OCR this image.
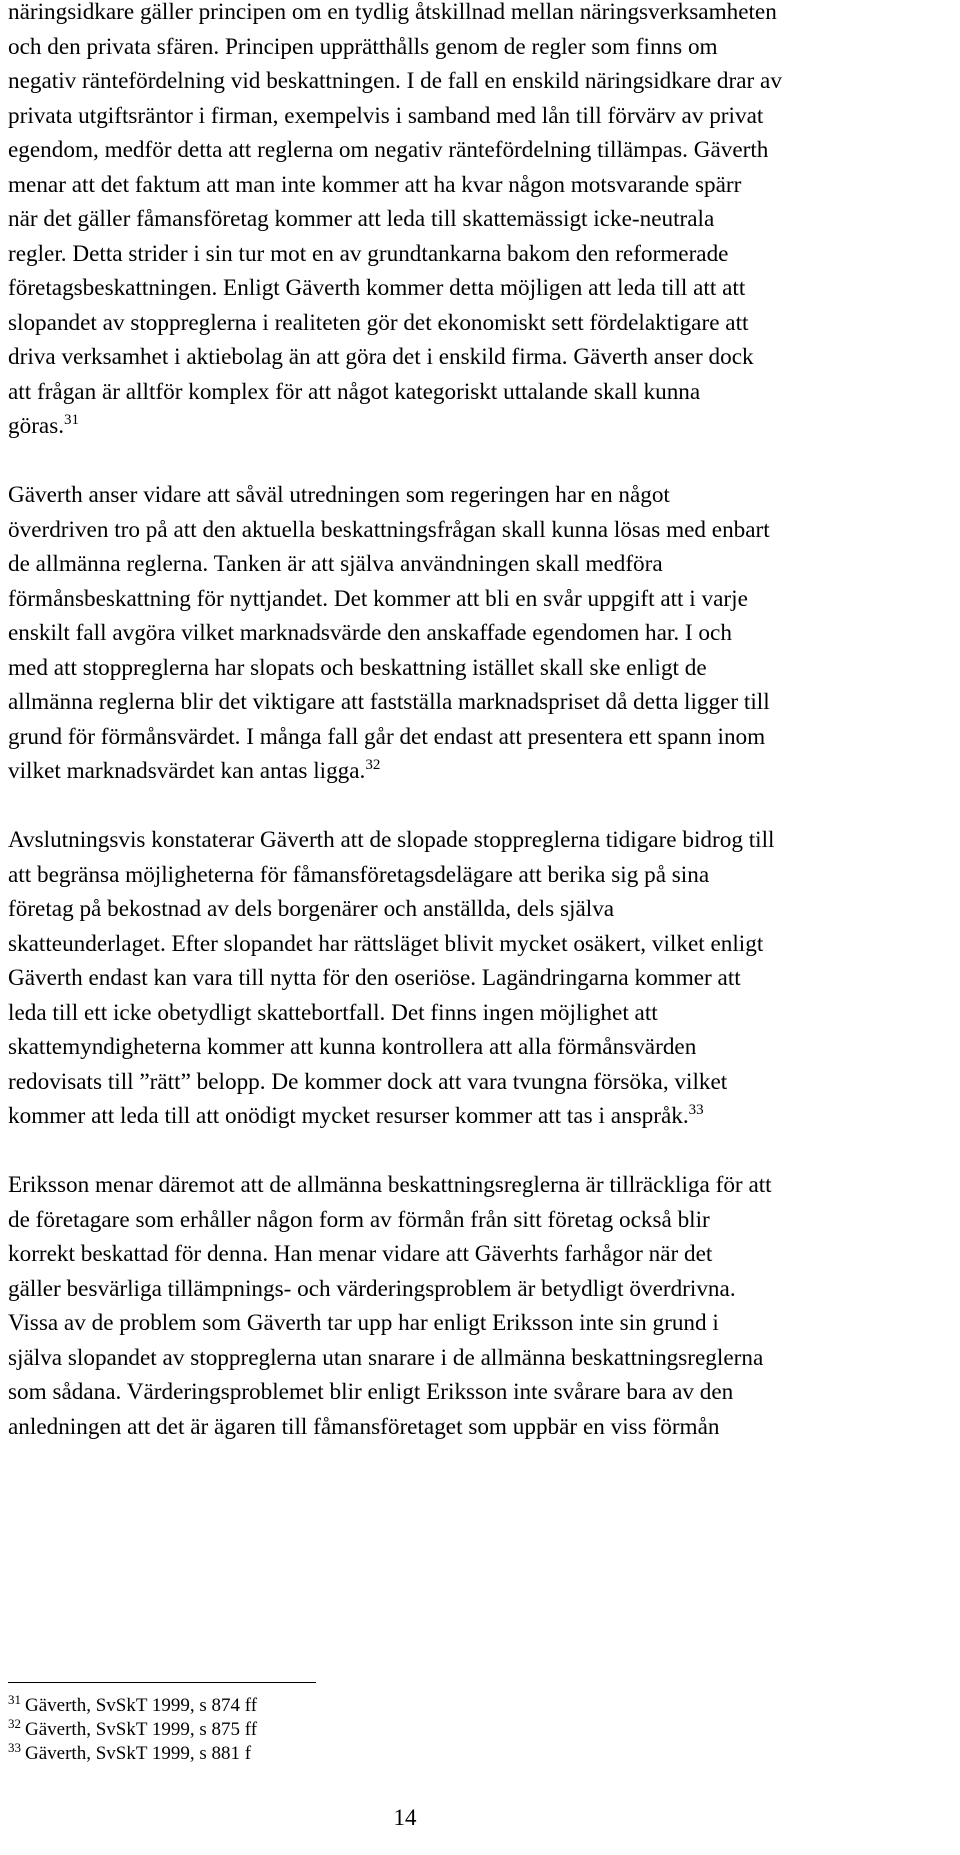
näringsidkare gäller principen om en tydlig åtskillnad mellan näringsverksamheten
och den privata sfären. Principen upprätthålls genom de regler som finns om
negativ räntefördelning vid beskattningen. I de fall en enskild näringsidkare drar av
privata utgiftsräntor i firman, exempelvis i samband med lån till förvärv av privat
egendom, medför detta att reglerna om negativ räntefördelning tillämpas. Gäverth
menar att det faktum att man inte kommer att ha kvar någon motsvarande spärr
när det gäller fåmansföretag kommer att leda till skattemässigt icke-neutrala
regler. Detta strider i sin tur mot en av grundtankarna bakom den reformerade
företagsbeskattningen. Enligt Gäverth kommer detta möjligen att leda till att att
slopandet av stoppreglerna i realiteten gör det ekonomiskt sett fördelaktigare att
driva verksamhet i aktiebolag än att göra det i enskild firma. Gäverth anser dock
att frågan är alltför komplex för att något kategoriskt uttalande skall kunna
göras.$^{31}$

Gäverth anser vidare att såväl utredningen som regeringen har en något
överdriven tro på att den aktuella beskattningsfrågan skall kunna lösas med enbart
de allmänna reglerna. Tanken är att själva användningen skall medföra
förmånsbeskattning för nyttjandet. Det kommer att bli en svår uppgift att i varje
enskilt fall avgöra vilket marknadsvärde den anskaffade egendomen har. I och
med att stoppreglerna har slopats och beskattning istället skall ske enligt de
allmänna reglerna blir det viktigare att fastställa marknadspriset då detta ligger till
grund för förmånsvärdet. I många fall går det endast att presentera ett spann inom
vilket marknadsvärdet kan antas ligga.$^{32}$

Avslutningsvis konstaterar Gäverth att de slopade stoppreglerna tidigare bidrog till
att begränsa möjligheterna för fåmansföretagsdelägare att berika sig på sina
företag på bekostnad av dels borgenärer och anställda, dels själva
skatteunderlaget. Efter slopandet har rättsläget blivit mycket osäkert, vilket enligt
Gäverth endast kan vara till nytta för den oseriöse. Lagändringarna kommer att
leda till ett icke obetydligt skattebortfall. Det finns ingen möjlighet att
skattemyndigheterna kommer att kunna kontrollera att alla förmånsvärden
redovisats till ”rätt” belopp. De kommer dock att vara tvungna försöka, vilket
kommer att leda till att onödigt mycket resurser kommer att tas i anspråk.$^{33}$

Eriksson menar däremot att de allmänna beskattningsreglerna är tillräckliga för att
de företagare som erhåller någon form av förmån från sitt företag också blir
korrekt beskattad för denna. Han menar vidare att Gäverhts farhågor när det
gäller besvärliga tillämpnings- och värderingsproblem är betydligt överdrivna.
Vissa av de problem som Gäverth tar upp har enligt Eriksson inte sin grund i
själva slopandet av stoppreglerna utan snarare i de allmänna beskattningsreglerna
som sådana. Värderingsproblemet blir enligt Eriksson inte svårare bara av den
anledningen att det är ägaren till fåmansföretaget som uppbär en viss förmån

$^{31}$ Gäverth, SvSkT 1999, s 874 ff
$^{32}$ Gäverth, SvSkT 1999, s 875 ff
$^{33}$ Gäverth, SvSkT 1999, s 881 f
14
